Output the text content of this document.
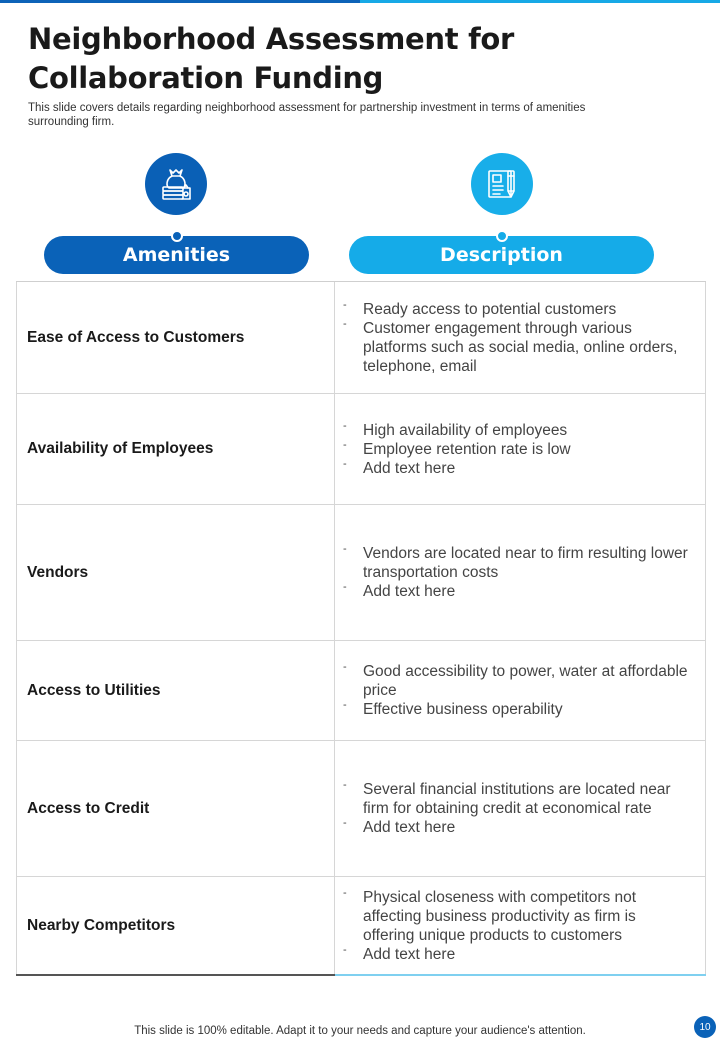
Neighborhood Assessment for
Collaboration Funding
This slide covers details regarding neighborhood assessment for partnership investment in terms of amenities surrounding firm.
Amenities	Description
Ease of Access to Customers
-	Ready access to potential customers
-	Customer engagement through various platforms such as social media, online orders, telephone, email
Availability of Employees
-	High availability of employees
-	Employee retention rate is low
-	Add text here
Vendors
-	Vendors are located near to firm resulting lower transportation costs
-	Add text here
Access to Utilities
-	Good accessibility to power, water at affordable price
-	Effective business operability
Access to Credit
-	Several financial institutions are located near firm for obtaining credit at economical rate
-	Add text here
Nearby Competitors
-	Physical closeness with competitors not affecting business productivity as firm is offering unique products to customers
-	Add text here
This slide is 100% editable. Adapt it to your needs and capture your audience's attention.	10
